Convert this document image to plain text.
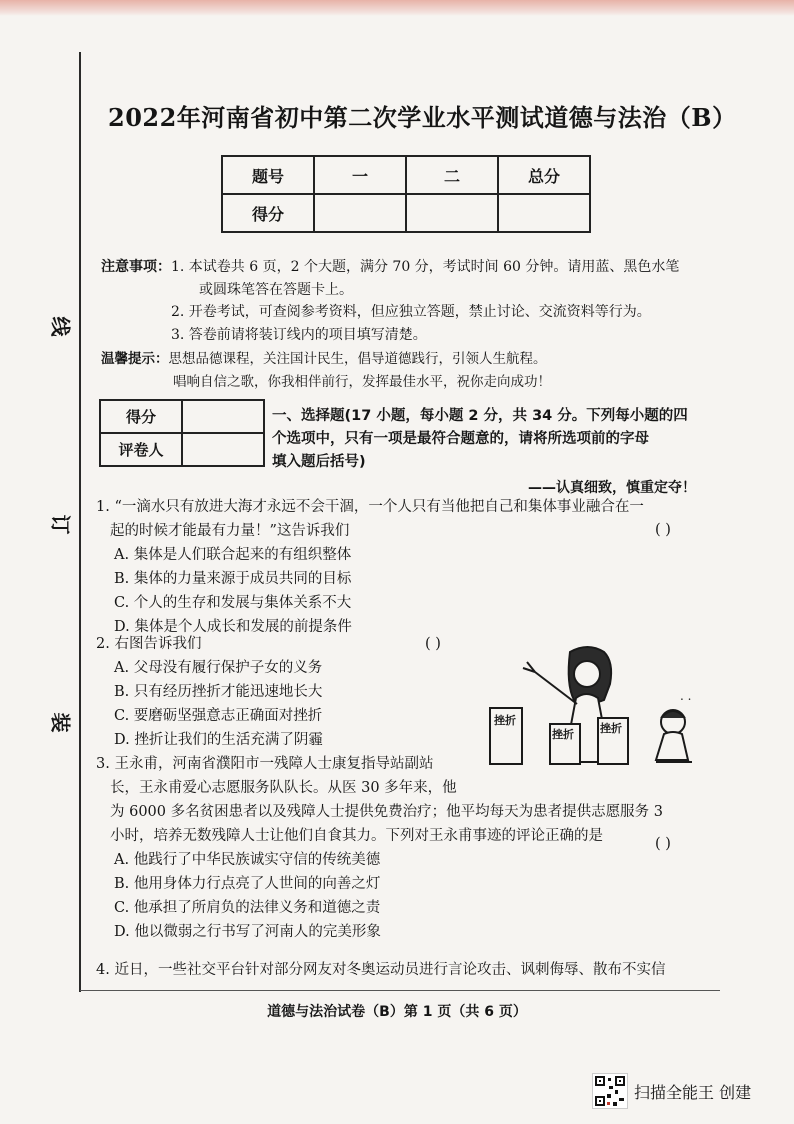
线
订
装
2022年河南省初中第二次学业水平测试道德与法治（B）
题号	一	二	总分
得分			
注意事项：1. 本试卷共 6 页，2 个大题，满分 70 分，考试时间 60 分钟。请用蓝、黑色水笔
或圆珠笔答在答题卡上。
2. 开卷考试，可查阅参考资料，但应独立答题，禁止讨论、交流资料等行为。
3. 答卷前请将装订线内的项目填写清楚。
温馨提示：思想品德课程，关注国计民生，倡导道德践行，引领人生航程。
唱响自信之歌，你我相伴前行，发挥最佳水平，祝你走向成功！
得分	
评卷人	
一、选择题(17 小题，每小题 2 分，共 34 分。下列每小题的四
个选项中，只有一项是最符合题意的，请将所选项前的字母
填入题后括号)
——认真细致，慎重定夺！
1. “一滴水只有放进大海才永远不会干涸，一个人只有当他把自己和集体事业融合在一
起的时候才能最有力量！”这告诉我们
A. 集体是人们联合起来的有组织整体
B. 集体的力量来源于成员共同的目标
C. 个人的生存和发展与集体关系不大
D. 集体是个人成长和发展的前提条件
( )
2. 右图告诉我们
A. 父母没有履行保护子女的义务
B. 只有经历挫折才能迅速地长大
C. 要磨砺坚强意志正确面对挫折
D. 挫折让我们的生活充满了阴霾
( )
. .
挫折
挫折 挫折
3. 王永甫，河南省濮阳市一残障人士康复指导站副站
长，王永甫爱心志愿服务队队长。从医 30 多年来，他
为 6000 多名贫困患者以及残障人士提供免费治疗；他平均每天为患者提供志愿服务 3
小时，培养无数残障人士让他们自食其力。下列对王永甫事迹的评论正确的是
A. 他践行了中华民族诚实守信的传统美德
B. 他用身体力行点亮了人世间的向善之灯
C. 他承担了所肩负的法律义务和道德之责
D. 他以微弱之行书写了河南人的完美形象
( )
4. 近日，一些社交平台针对部分网友对冬奥运动员进行言论攻击、讽刺侮辱、散布不实信
道德与法治试卷（B）第 1 页（共 6 页）
扫描全能王 创建
